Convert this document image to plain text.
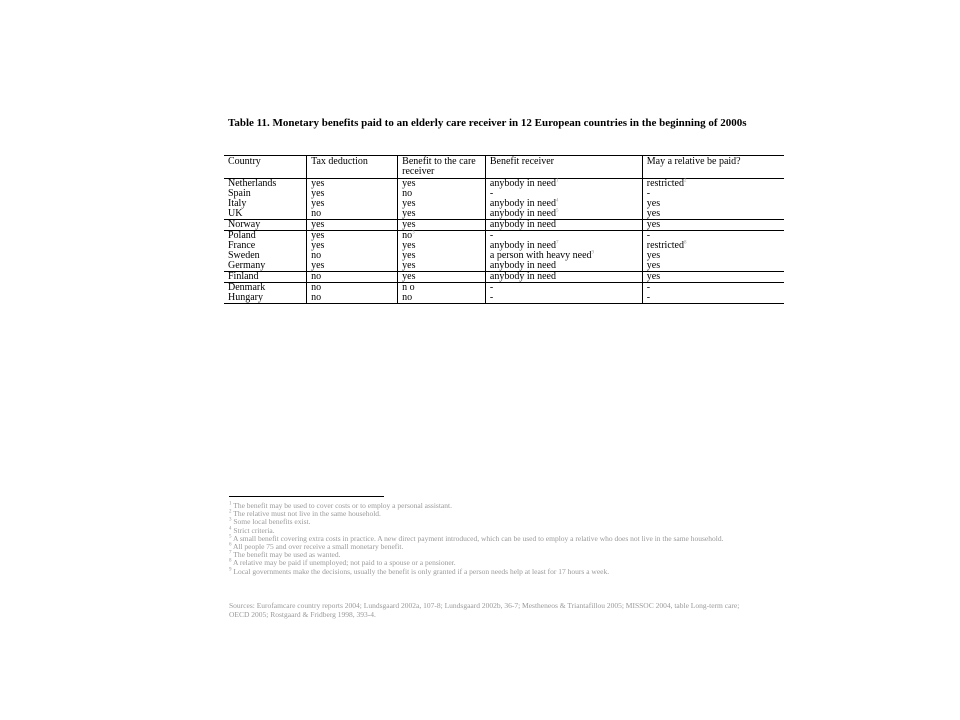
Table 11. Monetary benefits paid to an elderly care receiver in 12 European countries in the beginning of 2000s
Country	Tax deduction	Benefit to the care receiver	Benefit receiver	May a relative be paid?
Netherlands	yes	yes	anybody in need$^1$	restricted$^2$
Spain	yes	no	-	-
Italy	yes	yes	anybody in need$^4$	yes
UK	no	yes	anybody in need$^5$	yes
Norway	yes	yes	anybody in need	yes
Poland	yes	no$^3$	-	-
France	yes	yes	anybody in need$^7$	restricted$^8$
Sweden	no	yes	a person with heavy need$^9$	yes
Germany	yes	yes	anybody in need	yes
Finland	no	yes	anybody in need	yes
Denmark	no	n o	-	-
Hungary	no	no	-	-
$^1$ The benefit may be used to cover costs or to employ a personal assistant.
$^2$ The relative must not live in the same household.
$^3$ Some local benefits exist.
$^4$ Strict criteria.
$^5$ A small benefit covering extra costs in practice. A new direct payment introduced, which can be used to employ a relative who does not live in the same household.
$^6$ All people 75 and over receive a small monetary benefit.
$^7$ The benefit may be used as wanted.
$^8$ A relative may be paid if unemployed; not paid to a spouse or a pensioner.
$^9$ Local governments make the decisions, usually the benefit is only granted if a person needs help at least for 17 hours a week.
Sources: Eurofamcare country reports 2004; Lundsgaard 2002a, 107-8; Lundsgaard 2002b, 36-7; Mestheneos & Triantafillou 2005; MISSOC 2004, table Long-term care; OECD 2005; Rostgaard & Fridberg 1998, 393-4.
